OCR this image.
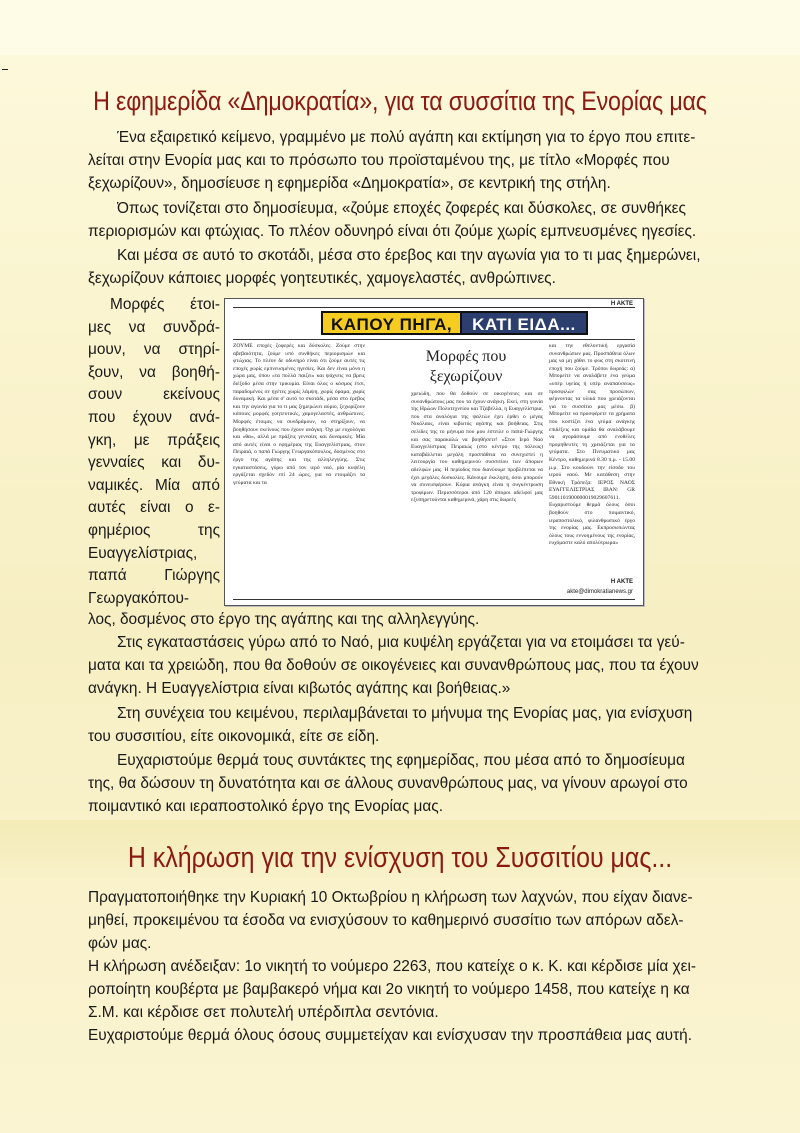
Η εφημερίδα «Δημοκρατία», για τα συσσίτια της Ενορίας μας
Ένα εξαιρετικό κείμενο, γραμμένο με πολύ αγάπη και εκτίμηση για το έργο που επιτε-
λείται στην Ενορία μας και το πρόσωπο του προϊσταμένου της, με τίτλο «Μορφές που
ξεχωρίζουν», δημοσίευσε η εφημερίδα «Δημοκρατία», σε κεντρική της στήλη.
Όπως τονίζεται στο δημοσίευμα, «ζούμε εποχές ζοφερές και δύσκολες, σε συνθήκες
περιορισμών και φτώχιας. Το πλέον οδυνηρό είναι ότι ζούμε χωρίς εμπνευσμένες ηγεσίες.
Και μέσα σε αυτό το σκοτάδι, μέσα στο έρεβος και την αγωνία για το τι μας ξημερώνει,
ξεχωρίζουν κάποιες μορφές γοητευτικές, χαμογελαστές, ανθρώπινες.
Μορφές έτοι-
μες να συνδρά-
μουν, να στηρί-
ξουν, να βοηθή-
σουν εκείνους
που έχουν ανά-
γκη, με πράξεις
γενναίες και δυ-
ναμικές. Μία από
αυτές είναι ο ε-
φημέριος της
Ευαγγελίστριας,
παπά Γιώργης
Γεωργακόπου-
ΚΑΠΟΥ ΠΗΓΑ,	ΚΑΤΙ ΕΙΔΑ...
Η ΑΚΤΕ
Μορφές που ξεχωρίζουν
ΖΟΥΜΕ εποχές ζοφερές και δύσκολες. Ζούμε στην αβεβαιότητα, ζούμε υπό συνθήκες περιορισμών και φτώχιας. Το πλέον δε οδυνηρό είναι ότι ζούμε αυτές τις εποχές χωρίς εμπνευσμένες ηγεσίες. Και δεν είναι μόνο η χώρα μας, όπου «τα πολλά παιζει» και ψάχνεις να βρεις διέξοδο μέσα στην τρικυμία. Είναι όλος ο κόσμος έτσι, παραδομένος σε ηγέτες χωρίς λάμψη, χωρίς όραμα, χωρίς δυναμική. Και μέσα σ' αυτό το σκοτάδι, μέσα στο έρεβος και την αγωνία για το τι μας ξημερώνει αύριο, ξεχωρίζουν κάποιες μορφές γοητευτικές, χαμογελαστές, ανθρώπινες. Μορφές έτοιμες να συνδράμουν, να στηρίξουν, να βοηθήσουν εκείνους που έχουν ανάγκη. Όχι με ευχολόγια και «θα», αλλά με πράξεις γενναίες και δυναμικές. Μία από αυτές είναι ο εφημέριος της Ευαγγελίστριας, στον Πειραιά, ο παπά Γιώργης Γεωργακόπουλος, δοσμένος στο έργο της αγάπης και της αλληλεγγύης. Στις εγκαταστάσεις, γύρω από τον ιερό ναό, μία κυψέλη εργάζεται σχεδόν επί 24 ώρες, για να ετοιμάζει τα γεύματα και τα
χρειώδη, που θα δοθούν σε οικογένειες και σε συνανθρώπους μας που τα έχουν ανάγκη. Εκεί, στη γωνία της Ηρώων Πολυτεχνείου και Τζαβέλλα, η Ευαγγελίστρια, που στα αναλόγια της ψαλτών έχει έρθει ο μέγας Νικόλαος, είναι κιβωτός αγάπης και βοήθειας. Στις σελίδες της το μήνυμα που μου έστειλε ο παπά-Γιώργης και σας παρακαλώ να βοηθήσετε! «Στον Ιερό Ναό Ευαγγελίστριας Πειραιώς (στο κέντρο της πόλεως) καταβάλλεται μεγάλη προσπάθεια να συνεχιστεί η λειτουργία του καθημερινού συσσιτίου των άπορων αδελφών μας. Η περίοδος που διανύουμε προβλέπεται να έχει μεγάλες δυσκολίες. Κάνουμε έκκληση, όσοι μπορούν να συνεισφέρουν. Κύρια ανάγκη είναι η συγκέντρωση τροφίμων. Περισσότεροι από 120 άποροι αδελφοί μας εξυπηρετούνται καθημερινά, χάρη στις δωρεές
και την εθελοντική εργασία συνανθρώπων μας. Προσπάθεια όλων μας να μη χάθει το φως στη σκοτεινή εποχή που ζούμε. Τρόποι δωρεάς: α) Μπορείτε να αναλάβετε ένα γεύμα «υπέρ υγείας ή υπέρ αναπαύσεως» προσφιλών σας προσώπων, φέρνοντας τα υλικά που χρειάζονται για το συσσίτιο μας μέσω. β) Μπορείτε να προσφέρετε τα χρήματα που κοστίζει ένα γεύμα ανάγκης επιδέξεις και ομάδα θα αναλάβουμε να αγοράσουμε από ενοθέλες προμηθευτές τη χρειάζεται για τα γεύματα. Στο Πνευματικό μας Κέντρο, καθημερινά 8.30 π.μ. - 15.00 μ.μ. Στο κουδούνι την είσοδο του ιερού ναού. Με κατάθεση στην Εθνική Τράπεζα: ΙΕΡΟΣ ΝΑΟΣ ΕΥΑΓΓΕΛΙΣΤΡΙΑΣ IBAN: GR 5901101900000019029607611. Ευχαριστούμε θερμά όλους όσοι βοηθούν στο ποιμαντικό, ιεραποστολικό, φιλανθρωπικό έργο της ενορίας μας. Εκπροσωπώντας όλους τους εννοημένους της ενορίας, ευχόμαστε καλό απολύτρωμα»
Η ΑΚΤΕ
akte@dimokratianews.gr
λος, δοσμένος στο έργο της αγάπης και της αλληλεγγύης.
Στις εγκαταστάσεις γύρω από το Ναό, μια κυψέλη εργάζεται για να ετοιμάσει τα γεύ-
ματα και τα χρειώδη, που θα δοθούν σε οικογένειες και συνανθρώπους μας, που τα έχουν
ανάγκη. Η Ευαγγελίστρια είναι κιβωτός αγάπης και βοήθειας.»
Στη συνέχεια του κειμένου, περιλαμβάνεται το μήνυμα της Ενορίας μας, για ενίσχυση
του συσσιτίου, είτε οικονομικά, είτε σε είδη.
Ευχαριστούμε θερμά τους συντάκτες της εφημερίδας, που μέσα από το δημοσίευμα
της, θα δώσουν τη δυνατότητα και σε άλλους συνανθρώπους μας, να γίνουν αρωγοί στο
ποιμαντικό και ιεραποστολικό έργο της Ενορίας μας.
Η κλήρωση για την ενίσχυση του Συσσιτίου μας...
Πραγματοποιήθηκε την Κυριακή 10 Οκτωβρίου η κλήρωση των λαχνών, που είχαν διανε-
μηθεί, προκειμένου τα έσοδα να ενισχύσουν το καθημερινό συσσίτιο των απόρων αδελ-
φών μας.
Η κλήρωση ανέδειξαν: 1ο νικητή το νούμερο 2263, που κατείχε ο κ. Κ. και κέρδισε μία χει-
ροποίητη κουβέρτα με βαμβακερό νήμα και 2ο νικητή το νούμερο 1458, που κατείχε η κα
Σ.Μ. και κέρδισε σετ πολυτελή υπέρδιπλα σεντόνια.
Ευχαριστούμε θερμά όλους όσους συμμετείχαν και ενίσχυσαν την προσπάθεια μας αυτή.
